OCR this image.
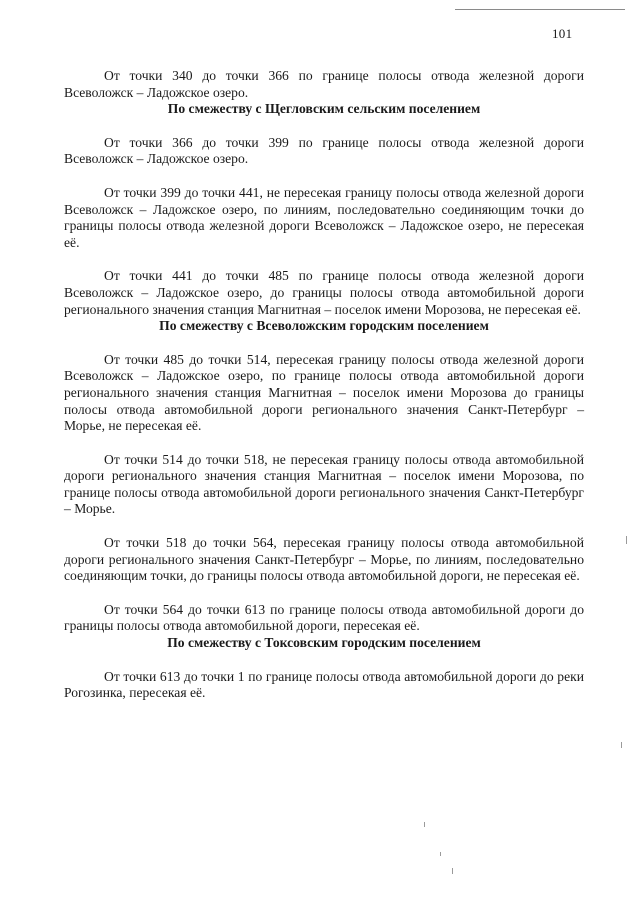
101

От точки 340 до точки 366 по границе полосы отвода железной дороги Всеволожск – Ладожское озеро.

По смежеству с Щегловским сельским поселением

От точки 366 до точки 399 по границе полосы отвода железной дороги Всеволожск – Ладожское озеро.

От точки 399 до точки 441, не пересекая границу полосы отвода железной дороги Всеволожск – Ладожское озеро, по линиям, последовательно соединяющим точки до границы полосы отвода железной дороги Всеволожск – Ладожское озеро, не пересекая её.

От точки 441 до точки 485 по границе полосы отвода железной дороги Всеволожск – Ладожское озеро, до границы полосы отвода автомобильной дороги регионального значения станция Магнитная – поселок имени Морозова, не пересекая её.

По смежеству с Всеволожским городским поселением

От точки 485 до точки 514, пересекая границу полосы отвода железной дороги Всеволожск – Ладожское озеро, по границе полосы отвода автомобильной дороги регионального значения станция Магнитная – поселок имени Морозова до границы полосы отвода автомобильной дороги регионального значения Санкт-Петербург – Морье, не пересекая её.

От точки 514 до точки 518, не пересекая границу полосы отвода автомобильной дороги регионального значения станция Магнитная – поселок имени Морозова, по границе полосы отвода автомобильной дороги регионального значения Санкт-Петербург – Морье.

От точки 518 до точки 564, пересекая границу полосы отвода автомобильной дороги регионального значения Санкт-Петербург – Морье, по линиям, последовательно соединяющим точки, до границы полосы отвода автомобильной дороги, не пересекая её.

От точки 564 до точки 613 по границе полосы отвода автомобильной дороги до границы полосы отвода автомобильной дороги, пересекая её.

По смежеству с Токсовским городским поселением

От точки 613 до точки 1 по границе полосы отвода автомобильной дороги до реки Рогозинка, пересекая её.
